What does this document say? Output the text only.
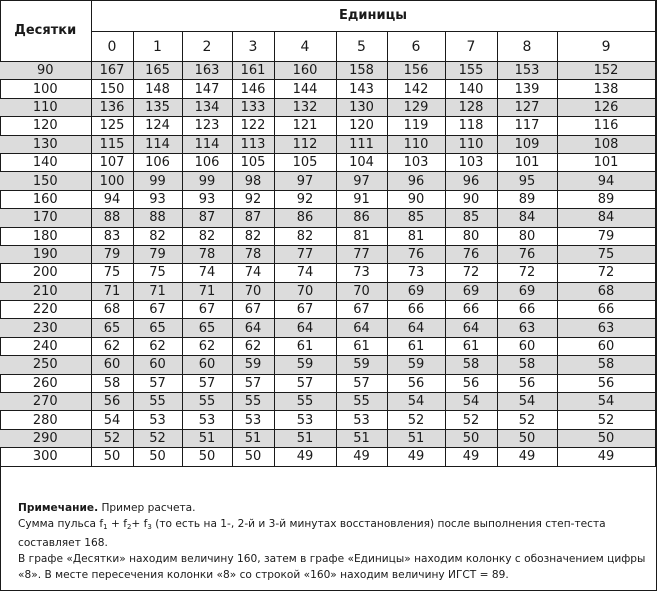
Десятки	Единицы									
	0	1	2	3	4	5	6	7	8	9
90	167	165	163	161	160	158	156	155	153	152
100	150	148	147	146	144	143	142	140	139	138
110	136	135	134	133	132	130	129	128	127	126
120	125	124	123	122	121	120	119	118	117	116
130	115	114	114	113	112	111	110	110	109	108
140	107	106	106	105	105	104	103	103	101	101
150	100	99	99	98	97	97	96	96	95	94
160	94	93	93	92	92	91	90	90	89	89
170	88	88	87	87	86	86	85	85	84	84
180	83	82	82	82	82	81	81	80	80	79
190	79	79	78	78	77	77	76	76	76	75
200	75	75	74	74	74	73	73	72	72	72
210	71	71	71	70	70	70	69	69	69	68
220	68	67	67	67	67	67	66	66	66	66
230	65	65	65	64	64	64	64	64	63	63
240	62	62	62	62	61	61	61	61	60	60
250	60	60	60	59	59	59	59	58	58	58
260	58	57	57	57	57	57	56	56	56	56
270	56	55	55	55	55	55	54	54	54	54
280	54	53	53	53	53	53	52	52	52	52
290	52	52	51	51	51	51	51	50	50	50
300	50	50	50	50	49	49	49	49	49	49
Примечание. Пример расчета.
Сумма пульса $f_1 + f_2+ f_3$ (то есть на 1-, 2-й и 3-й минутах восстановления) после выполнения степ-теста составляет 168.
В графе «Десятки» находим величину 160, затем в графе «Единицы» находим колонку с обозначением цифры
«8». В месте пересечения колонки «8» со строкой «160» находим величину ИГСТ = 89.
